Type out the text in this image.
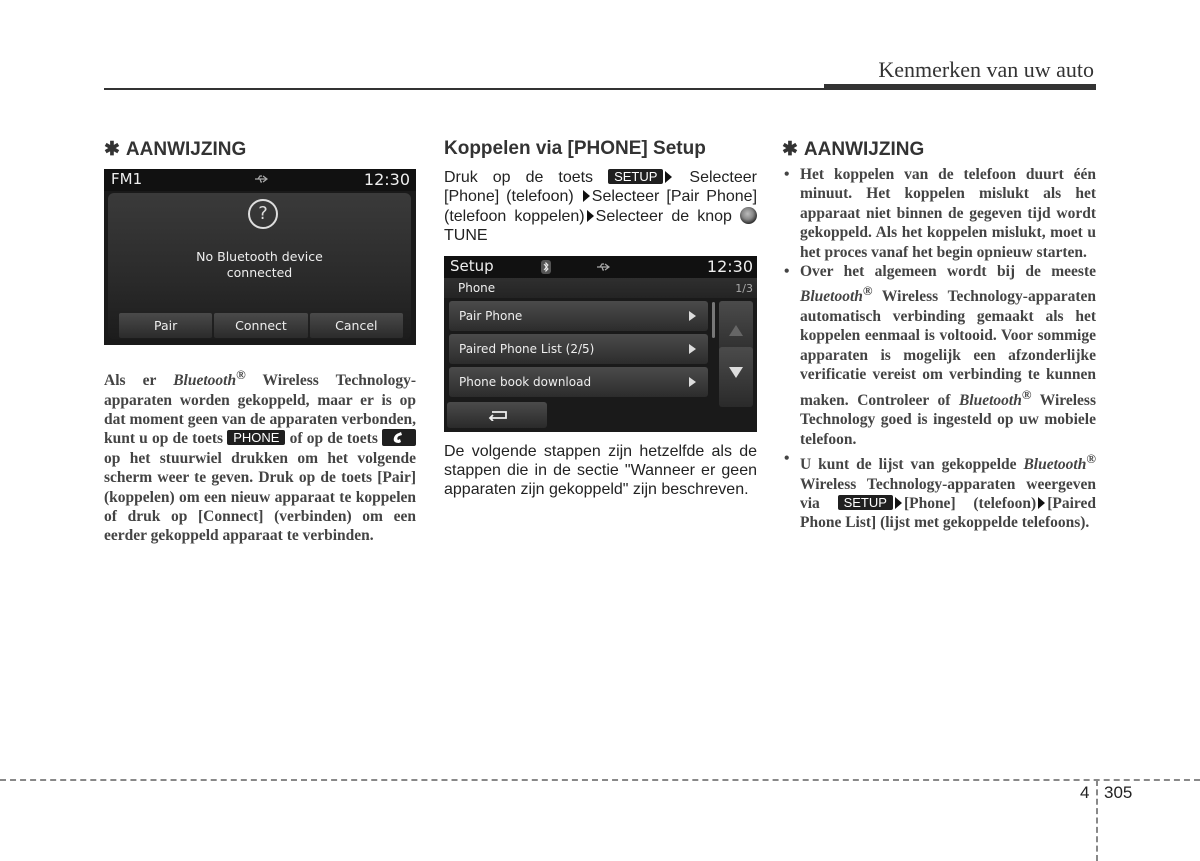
Kenmerken van uw auto
✱ AANWIJZING
FM1	12:30
?
No Bluetooth device
connected
Pair	Connect	Cancel
Als er Bluetooth® Wireless Technology-apparaten worden gekoppeld, maar er is op dat moment geen van de apparaten verbonden, kunt u op de toets PHONE of op de toets
op het stuurwiel drukken om het volgende scherm weer te geven. Druk op de toets [Pair] (koppelen) om een nieuw apparaat te koppelen of druk op [Connect] (verbinden) om een eerder gekoppeld apparaat te verbinden.
Koppelen via [PHONE] Setup
Druk op de toets SETUP Selecteer [Phone] (telefoon) Selecteer [Pair Phone] (telefoon koppelen) Selecteer de knop  TUNE
Setup	12:30
Phone	1/3
Pair Phone
Paired Phone List (2/5)
Phone book download
De volgende stappen zijn hetzelfde als de stappen die in de sectie "Wanneer er geen apparaten zijn gekoppeld" zijn beschreven.
✱ AANWIJZING
• Het koppelen van de telefoon duurt één minuut. Het koppelen mislukt als het apparaat niet binnen de gegeven tijd wordt gekoppeld. Als het koppelen mislukt, moet u het proces vanaf het begin opnieuw starten.
• Over het algemeen wordt bij de meeste Bluetooth® Wireless Technology-apparaten automatisch verbinding gemaakt als het koppelen eenmaal is voltooid. Voor sommige apparaten is mogelijk een afzonderlijke verificatie vereist om verbinding te kunnen maken. Controleer of Bluetooth® Wireless Technology goed is ingesteld op uw mobiele telefoon.
• U kunt de lijst van gekoppelde Bluetooth® Wireless Technology-apparaten weergeven via SETUP [Phone] (telefoon) [Paired Phone List] (lijst met gekoppelde telefoons).
4 305
